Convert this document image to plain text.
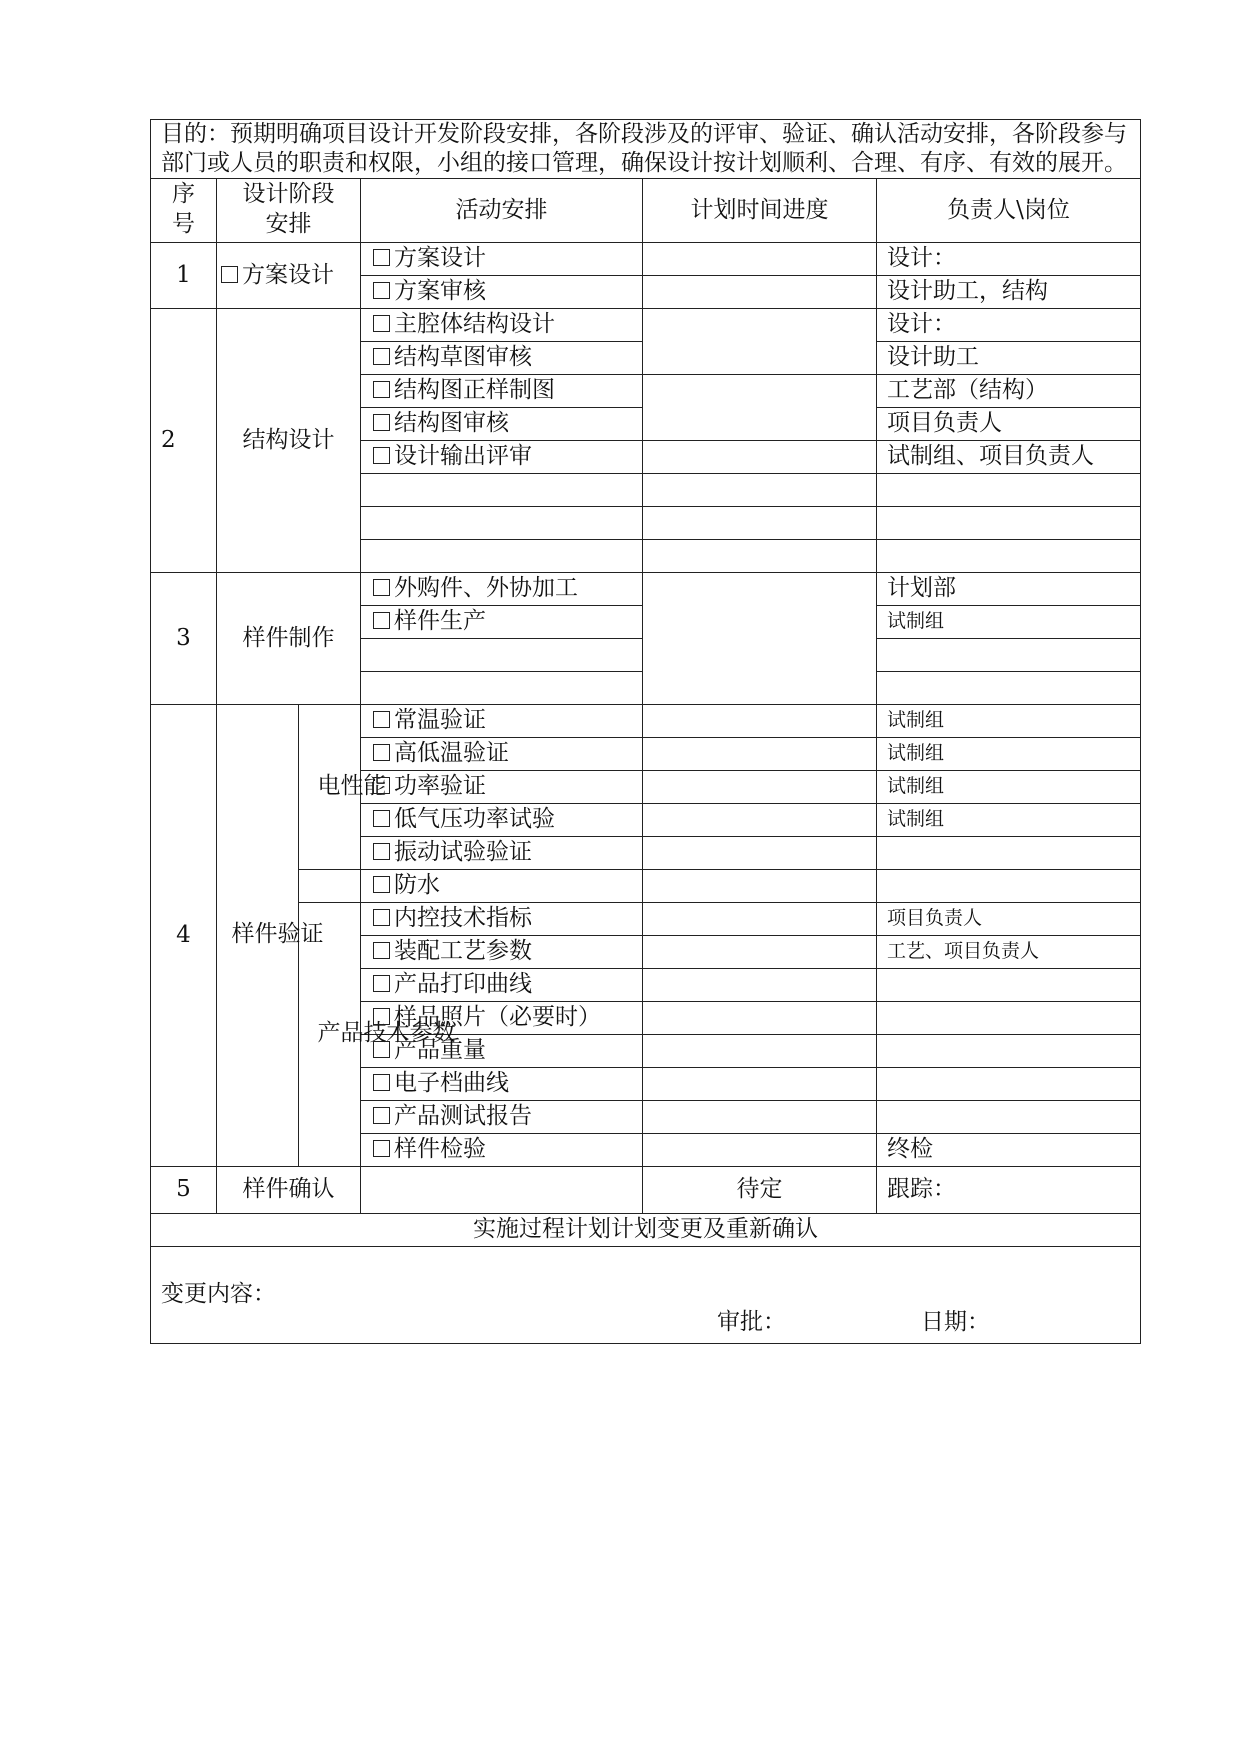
目的：预期明确项目设计开发阶段安排，各阶段涉及的评审、验证、确认活动安排，各阶段参与部门或人员的职责和权限，小组的接口管理，确保设计按计划顺利、合理、有序、有效的展开。					

序号	设计阶段安排		活动安排	计划时间进度	负责人\岗位
1	方案设计		方案设计		设计：
			方案审核		设计助工，结构
2	结构设计		主腔体结构设计		设计：
			结构草图审核		设计助工
			结构图正样制图		工艺部（结构）
			结构图审核		项目负责人
			设计输出评审		试制组、项目负责人

3	样件制作		外购件、外协加工		计划部
			样件生产		试制组

4	样件验证	电性能	常温验证		试制组
			高低温验证		试制组
			功率验证		试制组
			低气压功率试验		试制组
			振动试验验证		
			防水		

		产品技术参数	内控技术指标		项目负责人
			装配工艺参数		工艺、项目负责人
			产品打印曲线		
			样品照片（必要时）		
			产品重量		
			电子档曲线		
			产品测试报告		
			样件检验		终检
5	样件确认			待定	跟踪：
实施过程计划计划变更及重新确认					

变更内容：
审批： 日期：					
